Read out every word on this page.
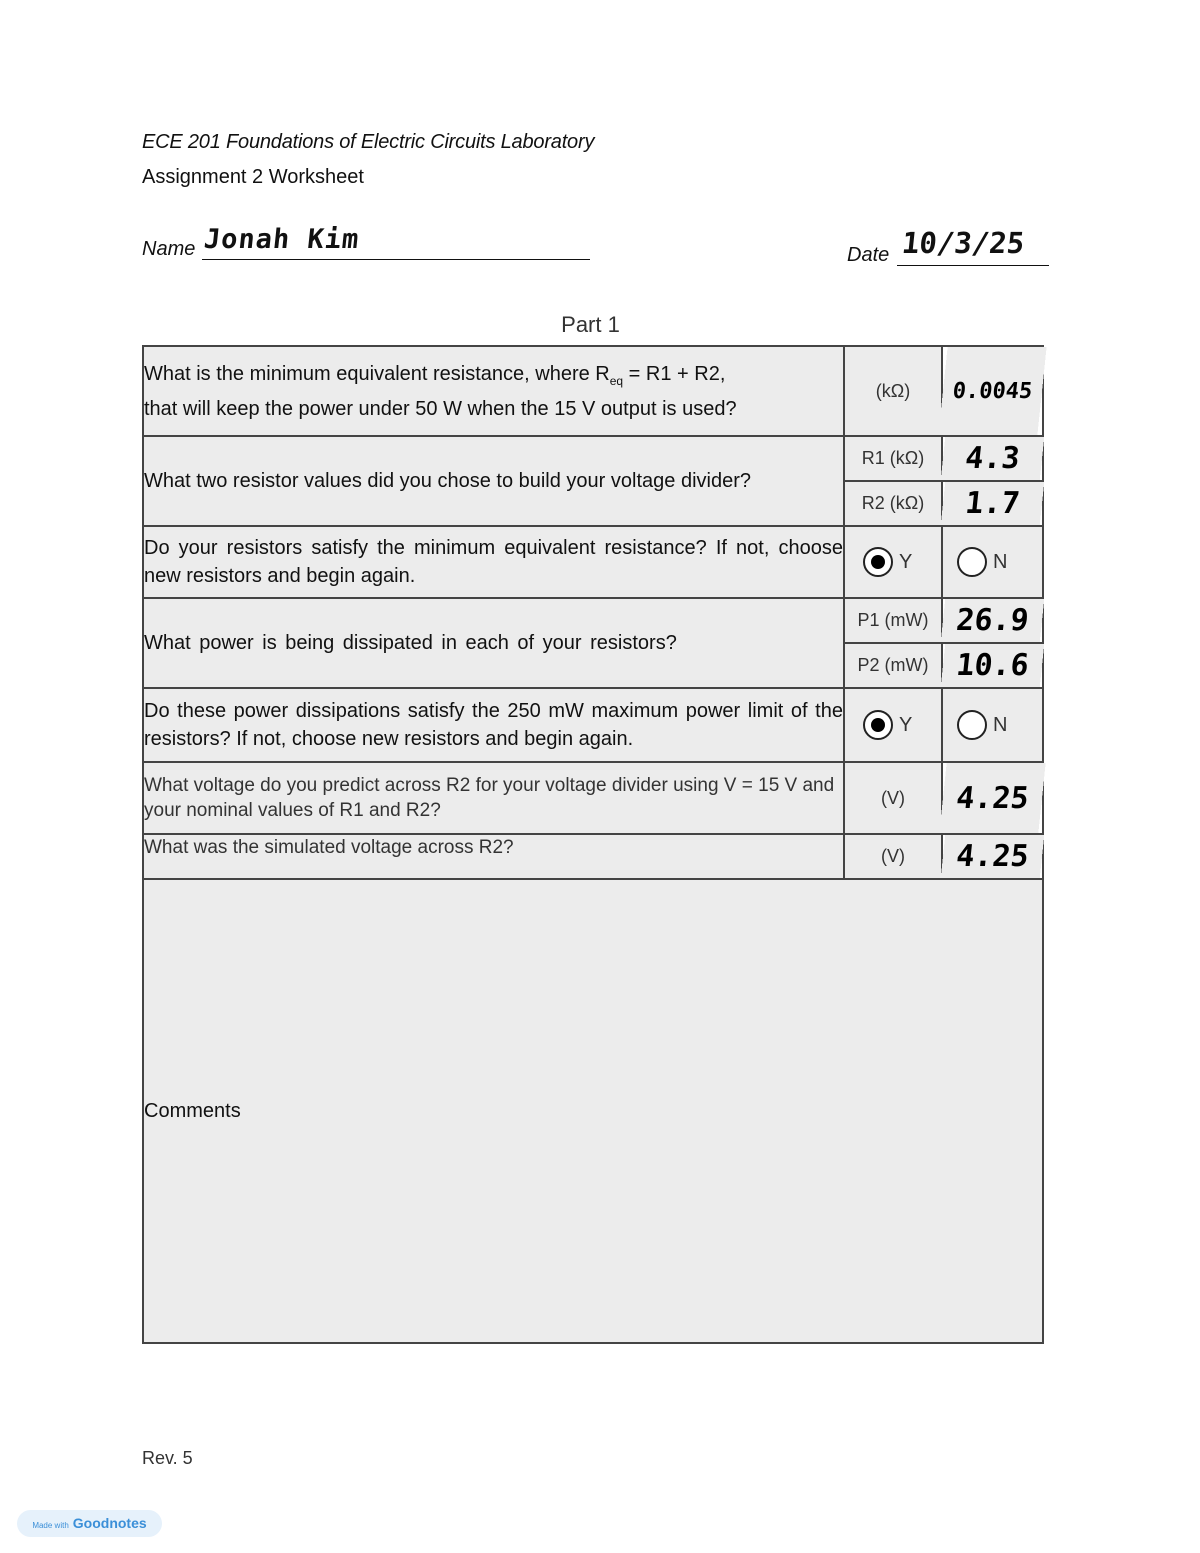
ECE 201 Foundations of Electric Circuits Laboratory
Assignment 2 Worksheet
Name Jonah Kim	Date 10/3/25
Part 1
What is the minimum equivalent resistance, where $R_{eq} = R1 + R2$,
that will keep the power under 50 W when the 15 V output is used?	(kΩ)	0.0045
What two resistor values did you chose to build your voltage divider?	R1 (kΩ)	4.3
	R2 (kΩ)	1.7

Do your resistors satisfy the minimum equivalent resistance? If not, choose new resistors and begin again.	Y	N
What power is being dissipated in each of your resistors?	P1 (mW)	26.9
	P2 (mW)	10.6

Do these power dissipations satisfy the 250 mW maximum power limit of the resistors? If not, choose new resistors and begin again.	Y	N
What voltage do you predict across R2 for your voltage divider using V = 15 V and your nominal values of R1 and R2?	(V)	4.25
What was the simulated voltage across R2?	(V)	4.25
Comments		
Rev. 5
Made with Goodnotes
